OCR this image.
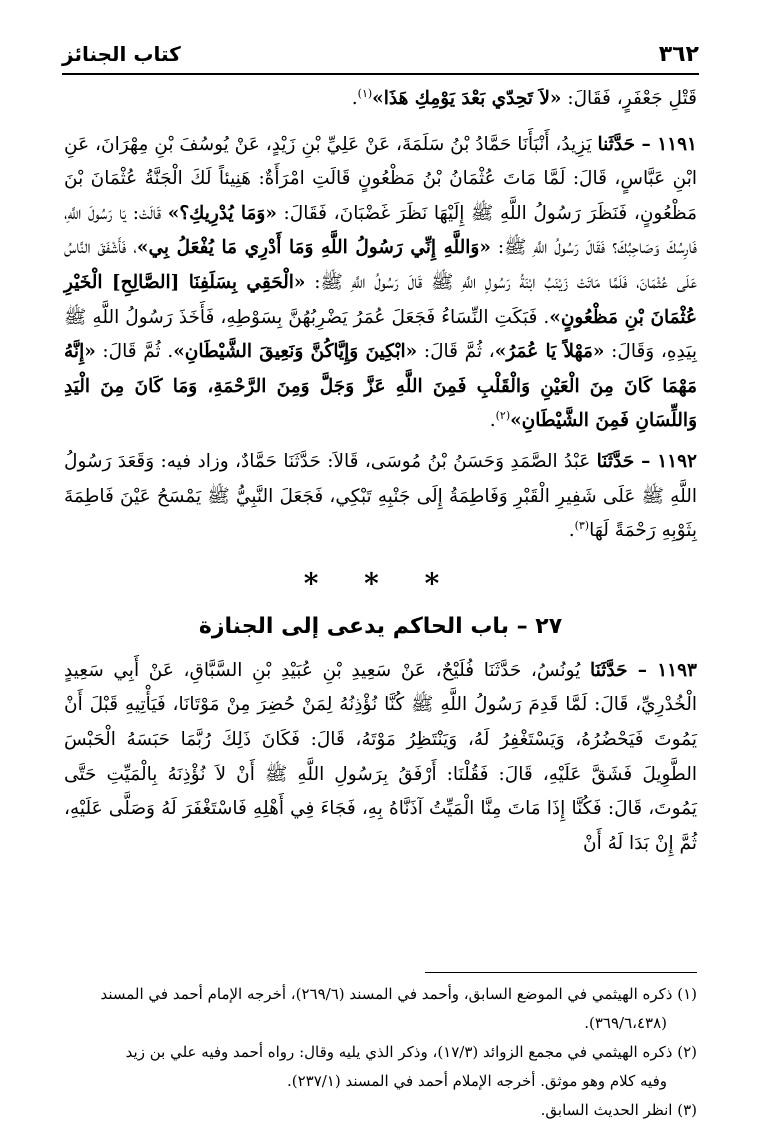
٣٦٢
كتاب الجنائز

قَتْلِ جَعْفَرٍ، فَقَالَ: «لاَ تَحِدّي بَعْدَ يَوْمِكِ هَذَا»$^{(١)}$.

١١٩١ – حَدَّثَنا يَزِيدُ، أَنْبَأَنَا حَمَّادُ بْنُ سَلَمَةَ، عَنْ عَلِيِّ بْنِ زَيْدٍ، عَنْ يُوسُفَ بْنِ مِهْرَانَ، عَنِ ابْنِ عَبَّاسٍ، قَالَ: لَمَّا مَاتَ عُثْمَانُ بْنُ مَظْعُونٍ قَالَتِ امْرَأَةٌ: هَنِيئاً لَكَ الْجَنَّةُ عُثْمَانَ بْنَ مَظْعُونٍ، فَنَظَرَ رَسُولُ اللَّهِ ﷺ إِلَيْهَا نَظَرَ غَضْبَانَ، فَقَالَ: «وَمَا يُدْرِيكِ؟» قَالَتْ: يَا رَسُولَ اللَّهِ، فَارِسُكَ وَصَاحِبُكَ؟ فَقَالَ رَسُولُ اللَّهِ ﷺ: «وَاللَّهِ إِنِّي رَسُولُ اللَّهِ وَمَا أَدْرِي مَا يُفْعَلُ بِي»، فَأَشْفَقَ النَّاسُ عَلَى عُثْمَانَ، فَلَمَّا مَاتَتْ زَيْنَبُ ابْنَةُ رَسُولِ اللَّهِ ﷺ قَالَ رَسُولُ اللَّهِ ﷺ: «الْحَقِي بِسَلَفِنَا [الصَّالِحِ] الْخَيْرِ عُثْمَانَ بْنِ مَظْعُونٍ». فَبَكَتِ النِّسَاءُ فَجَعَلَ عُمَرُ يَضْرِبُهُنَّ بِسَوْطِهِ، فَأَخَذَ رَسُولُ اللَّهِ ﷺ بِيَدِهِ، وَقَالَ: «مَهْلاً يَا عُمَرُ»، ثُمَّ قَالَ: «ابْكِينَ وَإِيَّاكُنَّ وَنَعِيقَ الشَّيْطَانِ». ثُمَّ قَالَ: «إِنَّهُ مَهْمَا كَانَ مِنَ الْعَيْنِ وَالْقَلْبِ فَمِنَ اللَّهِ عَزَّ وَجَلَّ وَمِنَ الرَّحْمَةِ، وَمَا كَانَ مِنَ الْيَدِ وَاللِّسَانِ فَمِنَ الشَّيْطَانِ»$^{(٢)}$.

١١٩٢ – حَدَّثَنَا عَبْدُ الصَّمَدِ وَحَسَنُ بْنُ مُوسَى، قَالاَ: حَدَّثَنَا حَمَّادٌ، وزاد فيه: وَقَعَدَ رَسُولُ اللَّهِ ﷺ عَلَى شَفِيرِ الْقَبْرِ وَفَاطِمَةُ إِلَى جَنْبِهِ تَبْكِي، فَجَعَلَ النَّبِيُّ ﷺ يَمْسَحُ عَيْنَ فَاطِمَةَ بِثَوْبِهِ رَحْمَةً لَهَا$^{(٣)}$.

* * *
٢٧ – باب الحاكم يدعى إلى الجنازة

١١٩٣ – حَدَّثَنَا يُونُسُ، حَدَّثَنَا فُلَيْحٌ، عَنْ سَعِيدِ بْنِ عُبَيْدِ بْنِ السَّبَّاقِ، عَنْ أَبِي سَعِيدٍ الْخُدْرِيِّ، قَالَ: لَمَّا قَدِمَ رَسُولُ اللَّهِ ﷺ كُنَّا نُؤْذِنُهُ لِمَنْ حُضِرَ مِنْ مَوْتَانَا، فَيَأْتِيهِ قَبْلَ أَنْ يَمُوتَ فَيَحْضُرُهُ، وَيَسْتَغْفِرُ لَهُ، وَيَنْتَظِرُ مَوْتَهُ، قَالَ: فَكَانَ ذَلِكَ رُبَّمَا حَبَسَهُ الْحَبْسَ الطَّوِيلَ فَشَقَّ عَلَيْهِ، قَالَ: فَقُلْنَا: أَرْفَقُ بِرَسُولِ اللَّهِ ﷺ أَنْ لاَ نُؤْذِنَهُ بِالْمَيِّتِ حَتَّى يَمُوتَ، قَالَ: فَكُنَّا إِذَا مَاتَ مِنَّا الْمَيِّتُ آذَنَّاهُ بِهِ، فَجَاءَ فِي أَهْلِهِ فَاسْتَغْفَرَ لَهُ وَصَلَّى عَلَيْهِ، ثُمَّ إِنْ بَدَا لَهُ أَنْ

(١) ذكره الهيثمي في الموضع السابق، وأحمد في المسند (٢٦٩/٦)، أخرجه الإمام أحمد في المسند
(٣٦٩/٦،٤٣٨).

(٢) ذكره الهيثمي في مجمع الزوائد (١٧/٣)، وذكر الذي يليه وقال: رواه أحمد وفيه علي بن زيد
وفيه كلام وهو موثق. أخرجه الإملام أحمد في المسند (٢٣٧/١).

(٣) انظر الحديث السابق.
